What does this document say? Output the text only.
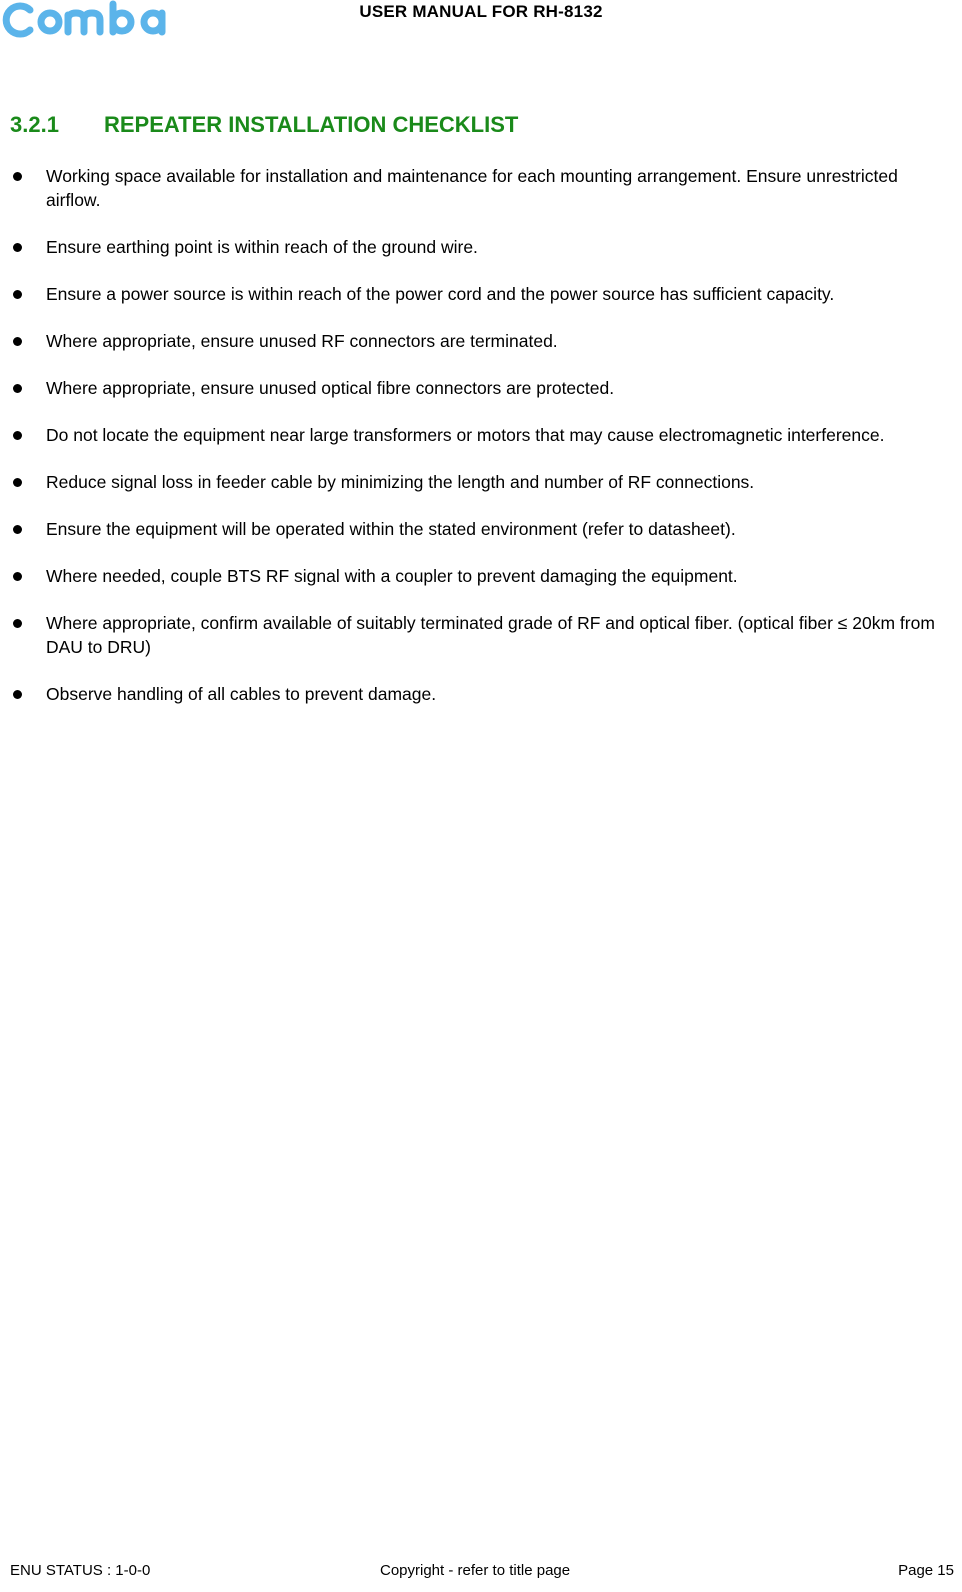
USER MANUAL FOR RH-8132
3.2.1 REPEATER INSTALLATION CHECKLIST
Working space available for installation and maintenance for each mounting arrangement. Ensure unrestricted airflow.
Ensure earthing point is within reach of the ground wire.
Ensure a power source is within reach of the power cord and the power source has sufficient capacity.
Where appropriate, ensure unused RF connectors are terminated.
Where appropriate, ensure unused optical fibre connectors are protected.
Do not locate the equipment near large transformers or motors that may cause electromagnetic interference.
Reduce signal loss in feeder cable by minimizing the length and number of RF connections.
Ensure the equipment will be operated within the stated environment (refer to datasheet).
Where needed, couple BTS RF signal with a coupler to prevent damaging the equipment.
Where appropriate, confirm available of suitably terminated grade of RF and optical fiber. (optical fiber ≤ 20km from DAU to DRU)
Observe handling of all cables to prevent damage.
ENU STATUS : 1-0-0	Copyright - refer to title page	Page 15
